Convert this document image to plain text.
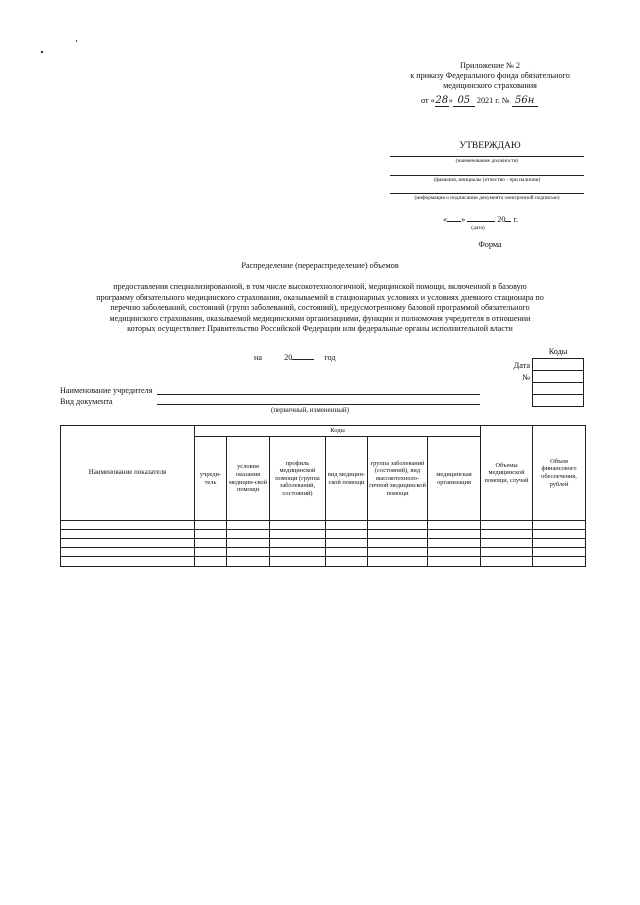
Приложение № 2
к приказу Федерального фонда обязательного
медицинского страхования
от «28» 05 2021 г. № 56н
УТВЕРЖДАЮ
(наименование должности)
(фамилия, инициалы (отчество - при наличии)
(информация о подписании документа электронной подписью)
« »	20 г.
(дата)
Форма
Распределение (перераспределение) объемов
предоставления специализированной, в том числе высокотехнологичной, медицинской помощи, включенной в базовую
программу обязательного медицинского страхования, оказываемой в стационарных условиях и условиях дневного стационара по
перечню заболеваний, состояний (групп заболеваний, состояний), предусмотренному базовой программой обязательного
медицинского страхования, оказываемой медицинскими организациями, функции и полномочия учредителя в отношении
которых осуществляет Правительство Российской Федерации или федеральные органы исполнительной власти
на	20	год
Коды

Дата
№
Наименование учредителя
Вид документа
(первичный, измененный)
Наименование показателя	Коды						Объемы медицинской помощи, случай	Объем финансового обеспечения, рублей
	учреди-тель	условия оказания медицин-ской помощи	профиль медицинской помощи (группа заболеваний, состояний)	вид медицин-ской помощи	группа заболеваний (состояний), вид высокотехноло-гичной медицинской помощи	медицинская организация		
